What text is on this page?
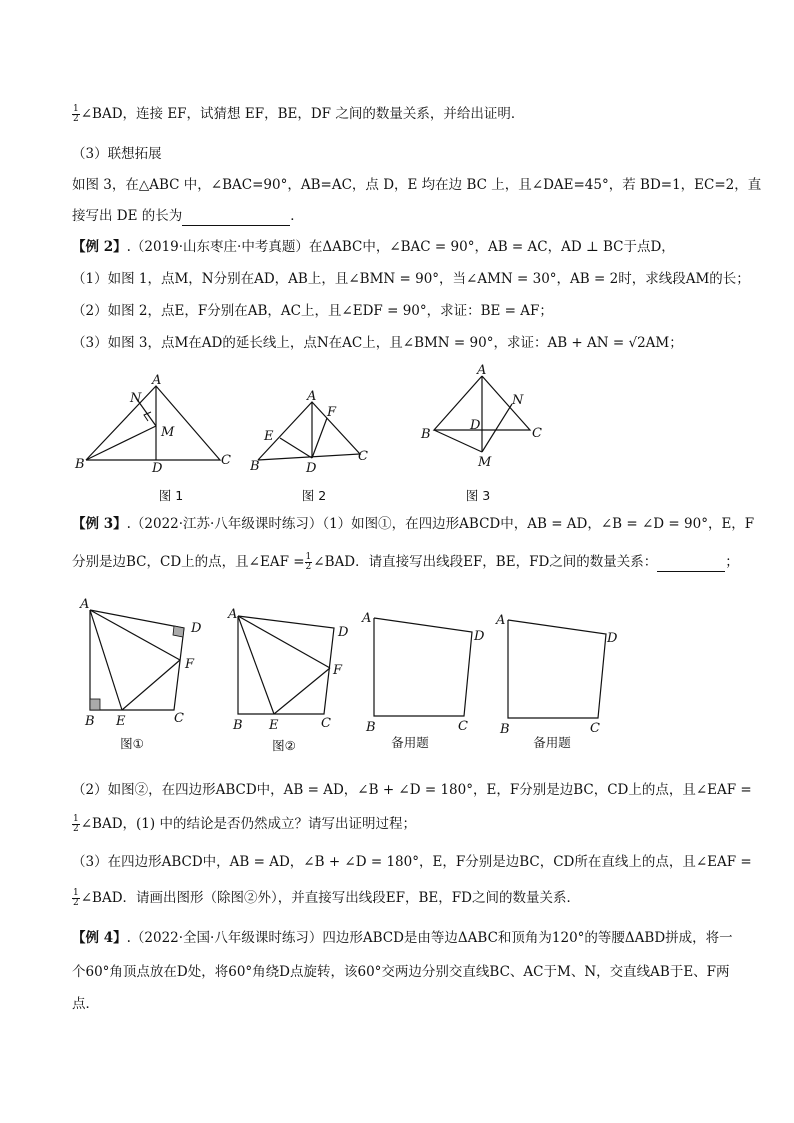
$\frac{1}{2}$ ∠BAD，连接 EF，试猜想 EF，BE，DF 之间的数量关系，并给出证明．
（3）联想拓展
如图 3，在△ABC 中，∠BAC=90°，AB=AC，点 D，E 均在边 BC 上，且∠DAE=45°，若 BD=1，EC=2，直
接写出 DE 的长为	．
【例 2】.（2019·山东枣庄·中考真题）在ΔABC中，∠BAC = 90°，AB = AC，AD ⊥ BC于点D，
（1）如图 1，点M，N分别在AD，AB上，且∠BMN = 90°，当∠AMN = 30°，AB = 2时，求线段AM的长；
（2）如图 2，点E，F分别在AB，AC上，且∠EDF = 90°，求证：BE = AF；
（3）如图 3，点M在AD的延长线上，点N在AC上，且∠BMN = 90°，求证：AB + AN = √2AM；
A
N
M
B	D
C
图 1
A
F
E
B	D
C
图 2
A
N
D
B	C
M
图 3
【例 3】.（2022·江苏·八年级课时练习）（1）如图①，在四边形ABCD中，AB = AD，∠B = ∠D = 90°，E，F
分别是边BC，CD上的点，且∠EAF = $\frac{1}{2}$ ∠BAD．请直接写出线段EF，BE，FD之间的数量关系：	；
A
D
F
B E	C
图①
A
D
F
B E	C
图②
A
D
B	C
备用题
A
D
B	C
备用题
（2）如图②，在四边形ABCD中，AB = AD，∠B + ∠D = 180°，E，F分别是边BC，CD上的点，且∠EAF =
$\frac{1}{2}$ ∠BAD，(1) 中的结论是否仍然成立？请写出证明过程；
（3）在四边形ABCD中，AB = AD，∠B + ∠D = 180°，E，F分别是边BC，CD所在直线上的点，且∠EAF =
$\frac{1}{2}$ ∠BAD．请画出图形（除图②外），并直接写出线段EF，BE，FD之间的数量关系．
【例 4】.（2022·全国·八年级课时练习）四边形ABCD是由等边ΔABC和顶角为120°的等腰ΔABD拼成，将一
个60°角顶点放在D处，将60°角绕D点旋转，该60°交两边分别交直线BC、AC于M、N，交直线AB于E、F两
点．
